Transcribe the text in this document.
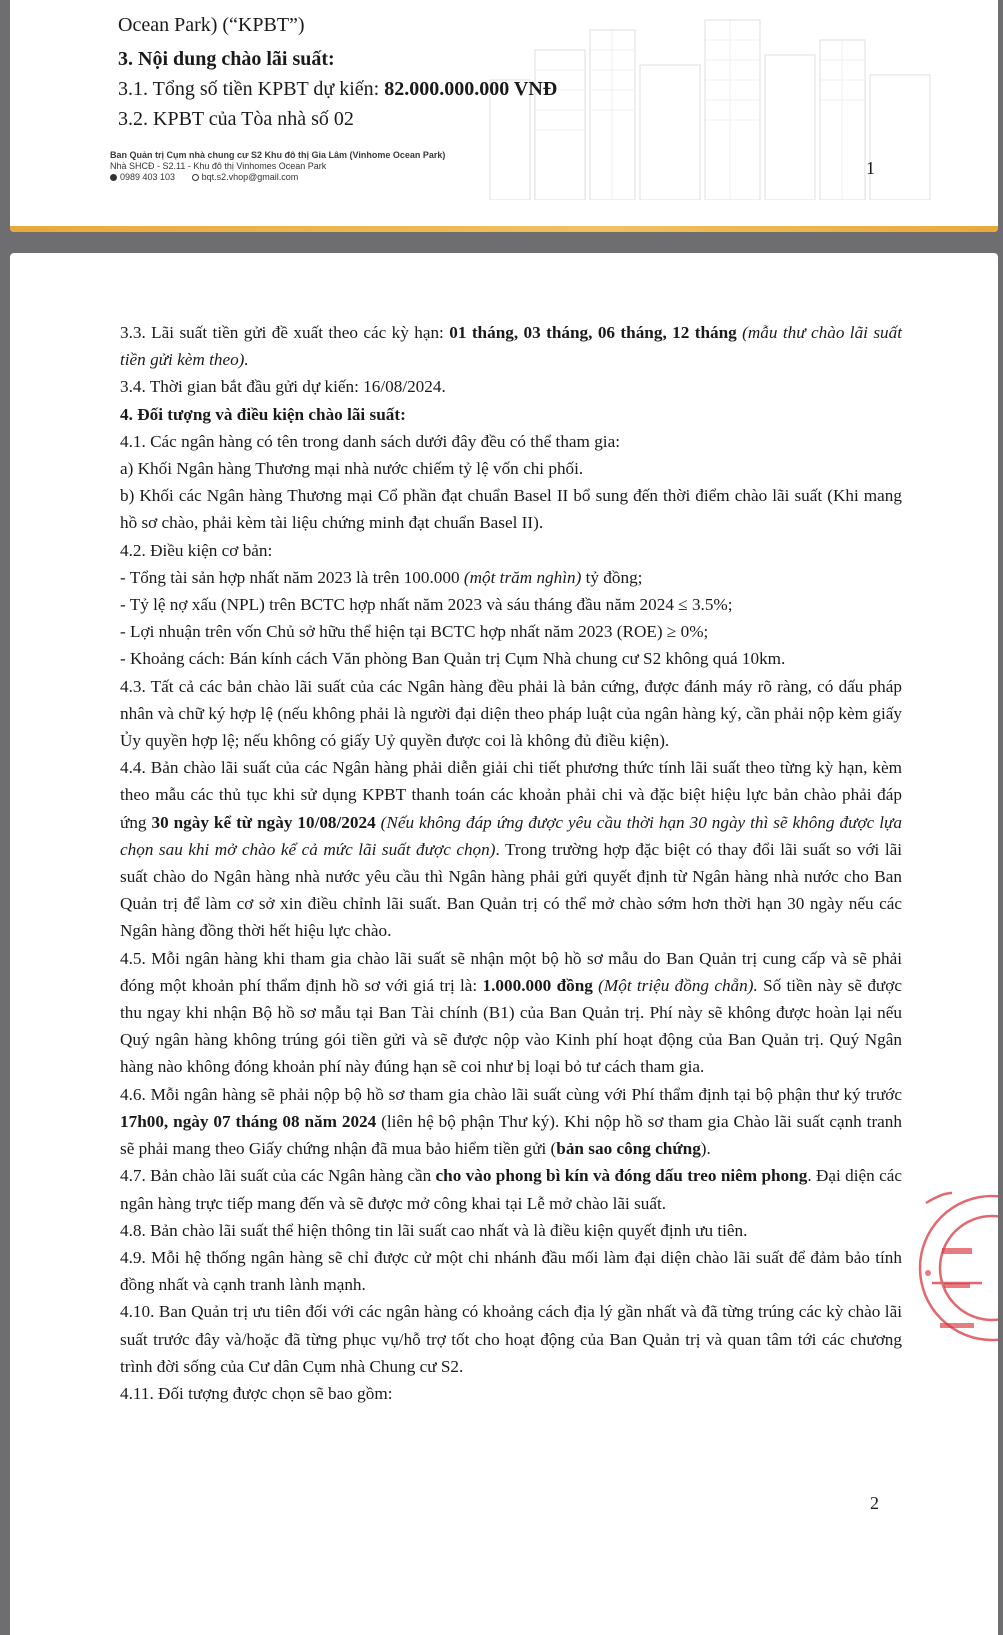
Ocean Park) (“KPBT”)
3. Nội dung chào lãi suất:
3.1. Tổng số tiền KPBT dự kiến: 82.000.000.000 VNĐ
3.2. KPBT của Tòa nhà số 02
Ban Quản trị Cụm nhà chung cư S2 Khu đô thị Gia Lâm (Vinhome Ocean Park)
Nhà SHCĐ - S2.11 - Khu đô thị Vinhomes Ocean Park
0989 403 103	bqt.s2.vhop@gmail.com	1

3.3. Lãi suất tiền gửi đề xuất theo các kỳ hạn: 01 tháng, 03 tháng, 06 tháng, 12 tháng (mẫu thư chào lãi suất tiền gửi kèm theo).

3.4. Thời gian bắt đầu gửi dự kiến: 16/08/2024.

4. Đối tượng và điều kiện chào lãi suất:

4.1. Các ngân hàng có tên trong danh sách dưới đây đều có thể tham gia:

a) Khối Ngân hàng Thương mại nhà nước chiếm tỷ lệ vốn chi phối.

b) Khối các Ngân hàng Thương mại Cổ phần đạt chuẩn Basel II bổ sung đến thời điểm chào lãi suất (Khi mang hồ sơ chào, phải kèm tài liệu chứng minh đạt chuẩn Basel II).

4.2. Điều kiện cơ bản:

- Tổng tài sản hợp nhất năm 2023 là trên 100.000 (một trăm nghìn) tỷ đồng;

- Tỷ lệ nợ xấu (NPL) trên BCTC hợp nhất năm 2023 và sáu tháng đầu năm 2024 ≤ 3.5%;

- Lợi nhuận trên vốn Chủ sở hữu thể hiện tại BCTC hợp nhất năm 2023 (ROE) ≥ 0%;

- Khoảng cách: Bán kính cách Văn phòng Ban Quản trị Cụm Nhà chung cư S2 không quá 10km.

4.3. Tất cả các bản chào lãi suất của các Ngân hàng đều phải là bản cứng, được đánh máy rõ ràng, có dấu pháp nhân và chữ ký hợp lệ (nếu không phải là người đại diện theo pháp luật của ngân hàng ký, cần phải nộp kèm giấy Ủy quyền hợp lệ; nếu không có giấy Uỷ quyền được coi là không đủ điều kiện).

4.4. Bản chào lãi suất của các Ngân hàng phải diễn giải chi tiết phương thức tính lãi suất theo từng kỳ hạn, kèm theo mẫu các thủ tục khi sử dụng KPBT thanh toán các khoản phải chi và đặc biệt hiệu lực bản chào phải đáp ứng 30 ngày kể từ ngày 10/08/2024 (Nếu không đáp ứng được yêu cầu thời hạn 30 ngày thì sẽ không được lựa chọn sau khi mở chào kể cả mức lãi suất được chọn). Trong trường hợp đặc biệt có thay đổi lãi suất so với lãi suất chào do Ngân hàng nhà nước yêu cầu thì Ngân hàng phải gửi quyết định từ Ngân hàng nhà nước cho Ban Quản trị để làm cơ sở xin điều chỉnh lãi suất. Ban Quản trị có thể mở chào sớm hơn thời hạn 30 ngày nếu các Ngân hàng đồng thời hết hiệu lực chào.

4.5. Mỗi ngân hàng khi tham gia chào lãi suất sẽ nhận một bộ hồ sơ mẫu do Ban Quản trị cung cấp và sẽ phải đóng một khoản phí thẩm định hồ sơ với giá trị là: 1.000.000 đồng (Một triệu đồng chẵn). Số tiền này sẽ được thu ngay khi nhận Bộ hồ sơ mẫu tại Ban Tài chính (B1) của Ban Quản trị. Phí này sẽ không được hoàn lại nếu Quý ngân hàng không trúng gói tiền gửi và sẽ được nộp vào Kinh phí hoạt động của Ban Quản trị. Quý Ngân hàng nào không đóng khoản phí này đúng hạn sẽ coi như bị loại bỏ tư cách tham gia.

4.6. Mỗi ngân hàng sẽ phải nộp bộ hồ sơ tham gia chào lãi suất cùng với Phí thẩm định tại bộ phận thư ký trước 17h00, ngày 07 tháng 08 năm 2024 (liên hệ bộ phận Thư ký). Khi nộp hồ sơ tham gia Chào lãi suất cạnh tranh sẽ phải mang theo Giấy chứng nhận đã mua bảo hiểm tiền gửi (bản sao công chứng).

4.7. Bản chào lãi suất của các Ngân hàng cần cho vào phong bì kín và đóng dấu treo niêm phong. Đại diện các ngân hàng trực tiếp mang đến và sẽ được mở công khai tại Lễ mở chào lãi suất.

4.8. Bản chào lãi suất thể hiện thông tin lãi suất cao nhất và là điều kiện quyết định ưu tiên.

4.9. Mỗi hệ thống ngân hàng sẽ chỉ được cử một chi nhánh đầu mối làm đại diện chào lãi suất để đảm bảo tính đồng nhất và cạnh tranh lành mạnh.

4.10. Ban Quản trị ưu tiên đối với các ngân hàng có khoảng cách địa lý gần nhất và đã từng trúng các kỳ chào lãi suất trước đây và/hoặc đã từng phục vụ/hỗ trợ tốt cho hoạt động của Ban Quản trị và quan tâm tới các chương trình đời sống của Cư dân Cụm nhà Chung cư S2.

4.11. Đối tượng được chọn sẽ bao gồm:

2
